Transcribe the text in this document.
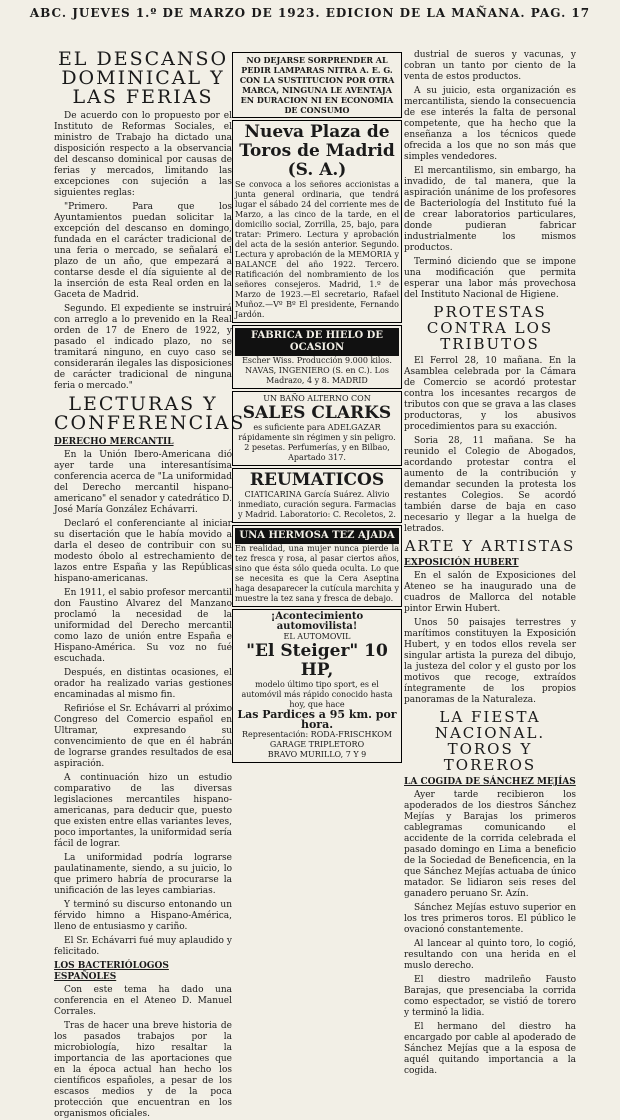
ABC. JUEVES 1.º DE MARZO DE 1923. EDICION DE LA MAÑANA. PAG. 17
EL DESCANSO DOMINICAL Y LAS FERIAS

De acuerdo con lo propuesto por el Instituto de Reformas Sociales, el ministro de Trabajo ha dictado una disposición respecto a la observancia del descanso dominical por causas de ferias y mercados, limitando las excepciones con sujeción a las siguientes reglas:

"Primero. Para que los Ayuntamientos puedan solicitar la excepción del descanso en domingo, fundada en el carácter tradicional de una feria o mercado, se señalará el plazo de un año, que empezará a contarse desde el día siguiente al de la inserción de esta Real orden en la Gaceta de Madrid.

Segundo. El expediente se instruirá con arreglo a lo prevenido en la Real orden de 17 de Enero de 1922, y pasado el indicado plazo, no se tramitará ninguno, en cuyo caso se considerarán ilegales las disposiciones de carácter tradicional de ninguna feria o mercado."

LECTURAS Y CONFERENCIAS
DERECHO MERCANTIL

En la Unión Ibero-Americana dió ayer tarde una interesantísima conferencia acerca de "La uniformidad del Derecho mercantil hispano-americano" el senador y catedrático D. José María González Echávarri.

Declaró el conferenciante al iniciar su disertación que le había movido a darla el deseo de contribuir con su modesto óbolo al estrechamiento de lazos entre España y las Repúblicas hispano-americanas.

En 1911, el sabio profesor mercantil don Faustino Alvarez del Manzano proclamó la necesidad de la uniformidad del Derecho mercantil como lazo de unión entre España e Hispano-América. Su voz no fué escuchada.

Después, en distintas ocasiones, el orador ha realizado varias gestiones encaminadas al mismo fin.

Refirióse el Sr. Echávarri al próximo Congreso del Comercio español en Ultramar, expresando su convencimiento de que en él habrán de lograrse grandes resultados de esa aspiración.

A continuación hizo un estudio comparativo de las diversas legislaciones mercantiles hispano-americanas, para deducir que, puesto que existen entre ellas variantes leves, poco importantes, la uniformidad sería fácil de lograr.

La uniformidad podría lograrse paulatinamente, siendo, a su juicio, lo que primero habría de procurarse la unificación de las leyes cambiarias.

Y terminó su discurso entonando un férvido himno a Hispano-América, lleno de entusiasmo y cariño.

El Sr. Echávarri fué muy aplaudido y felicitado.

LOS BACTERIÓLOGOS ESPAÑOLES

Con este tema ha dado una conferencia en el Ateneo D. Manuel Corrales.

Tras de hacer una breve historia de los pasados trabajos por la microbiología, hizo resaltar la importancia de las aportaciones que en la época actual han hecho los científicos españoles, a pesar de los escasos medios y de la poca protección que encuentran en los organismos oficiales.

NO DEJARSE SORPRENDER AL PEDIR LAMPARAS NITRA A. E. G. CON LA SUSTITUCION POR OTRA MARCA, NINGUNA LE AVENTAJA EN DURACION NI EN ECONOMIA DE CONSUMO
Nueva Plaza de Toros de Madrid (S. A.)
Se convoca a los señores accionistas a junta general ordinaria, que tendrá lugar el sábado 24 del corriente mes de Marzo, a las cinco de la tarde, en el domicilio social, Zorrilla, 25, bajo, para tratar: Primero. Lectura y aprobación del acta de la sesión anterior. Segundo. Lectura y aprobación de la MEMORIA y BALANCE del año 1922. Tercero. Ratificación del nombramiento de los señores consejeros. Madrid, 1.º de Marzo de 1923.—El secretario, Rafael Muñoz.—Vº Bº El presidente, Fernando Jardón.
FABRICA DE HIELO DE OCASION
Escher Wiss. Producción 9.000 kilos. NAVAS, INGENIERO (S. en C.). Los Madrazo, 4 y 8. MADRID
UN BAÑO ALTERNO CON
SALES CLARKS
es suficiente para ADELGAZAR rápidamente sin régimen y sin peligro. 2 pesetas. Perfumerías, y en Bilbao, Apartado 317.
REUMATICOS
CIATICARINA García Suárez. Alivio inmediato, curación segura. Farmacias y Madrid. Laboratorio: C. Recoletos, 2.
UNA HERMOSA TEZ AJADA
En realidad, una mujer nunca pierde la tez fresca y rosa, al pasar ciertos años, sino que ésta sólo queda oculta. Lo que se necesita es que la Cera Aseptina haga desaparecer la cutícula marchita y muestre la tez sana y fresca de debajo.
¡Acontecimiento automovilista!
EL AUTOMOVIL
"El Steiger" 10 HP,
modelo último tipo sport, es el automóvil más rápido conocido hasta hoy, que hace
Las Pardices a 95 km. por hora.
Representación: RODA-FRISCHKOM
GARAGE TRIPLETORO
BRAVO MURILLO, 7 Y 9

dustrial de sueros y vacunas, y cobran un tanto por ciento de la venta de estos productos.

A su juicio, esta organización es mercantilista, siendo la consecuencia de ese interés la falta de personal competente, que ha hecho que la enseñanza a los técnicos quede ofrecida a los que no son más que simples vendedores.

El mercantilismo, sin embargo, ha invadido, de tal manera, que la aspiración unánime de los profesores de Bacteriología del Instituto fué la de crear laboratorios particulares, donde pudieran fabricar industrialmente los mismos productos.

Terminó diciendo que se impone una modificación que permita esperar una labor más provechosa del Instituto Nacional de Higiene.

PROTESTAS CONTRA LOS TRIBUTOS

El Ferrol 28, 10 mañana. En la Asamblea celebrada por la Cámara de Comercio se acordó protestar contra los incesantes recargos de tributos con que se grava a las clases productoras, y los abusivos procedimientos para su exacción.

Soria 28, 11 mañana. Se ha reunido el Colegio de Abogados, acordando protestar contra el aumento de la contribución y demandar secunden la protesta los restantes Colegios. Se acordó también darse de baja en caso necesario y llegar a la huelga de letrados.

ARTE Y ARTISTAS
EXPOSICIÓN HUBERT

En el salón de Exposiciones del Ateneo se ha inaugurado una de cuadros de Mallorca del notable pintor Erwin Hubert.

Unos 50 paisajes terrestres y marítimos constituyen la Exposición Hubert, y en todos ellos revela ser singular artista la pureza del dibujo, la justeza del color y el gusto por los motivos que recoge, extraídos íntegramente de los propios panoramas de la Naturaleza.

LA FIESTA NACIONAL. TOROS Y TOREROS
LA COGIDA DE SÁNCHEZ MEJÍAS

Ayer tarde recibieron los apoderados de los diestros Sánchez Mejías y Barajas los primeros cablegramas comunicando el accidente de la corrida celebrada el pasado domingo en Lima a beneficio de la Sociedad de Beneficencia, en la que Sánchez Mejías actuaba de único matador. Se lidiaron seis reses del ganadero peruano Sr. Azín.

Sánchez Mejías estuvo superior en los tres primeros toros. El público le ovacionó constantemente.

Al lancear al quinto toro, lo cogió, resultando con una herida en el muslo derecho.

El diestro madrileño Fausto Barajas, que presenciaba la corrida como espectador, se vistió de torero y terminó la lidia.

El hermano del diestro ha encargado por cable al apoderado de Sánchez Mejías que a la esposa de aquél quitando importancia a la cogida.
